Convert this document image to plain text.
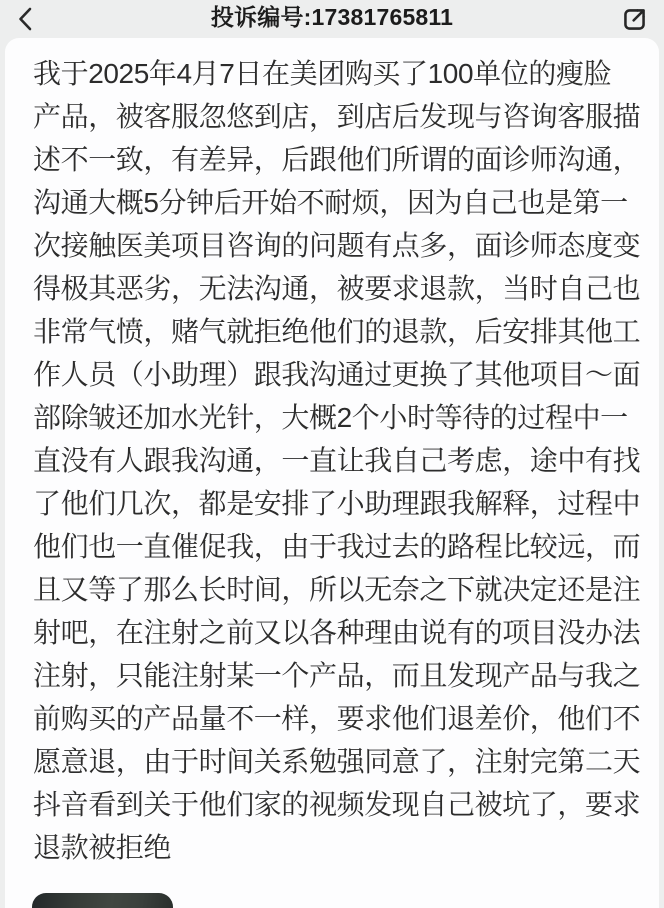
投诉编号:17381765811
我于2025年4月7日在美团购买了100单位的瘦脸
产品，被客服忽悠到店，到店后发现与咨询客服描
述不一致，有差异，后跟他们所谓的面诊师沟通，
沟通大概5分钟后开始不耐烦，因为自己也是第一
次接触医美项目咨询的问题有点多，面诊师态度变
得极其恶劣，无法沟通，被要求退款，当时自己也
非常气愤，赌气就拒绝他们的退款，后安排其他工
作人员（小助理）跟我沟通过更换了其他项目～面
部除皱还加水光针，大概2个小时等待的过程中一
直没有人跟我沟通，一直让我自己考虑，途中有找
了他们几次，都是安排了小助理跟我解释，过程中
他们也一直催促我，由于我过去的路程比较远，而
且又等了那么长时间，所以无奈之下就决定还是注
射吧，在注射之前又以各种理由说有的项目没办法
注射，只能注射某一个产品，而且发现产品与我之
前购买的产品量不一样，要求他们退差价，他们不
愿意退，由于时间关系勉强同意了，注射完第二天
抖音看到关于他们家的视频发现自己被坑了，要求
退款被拒绝
